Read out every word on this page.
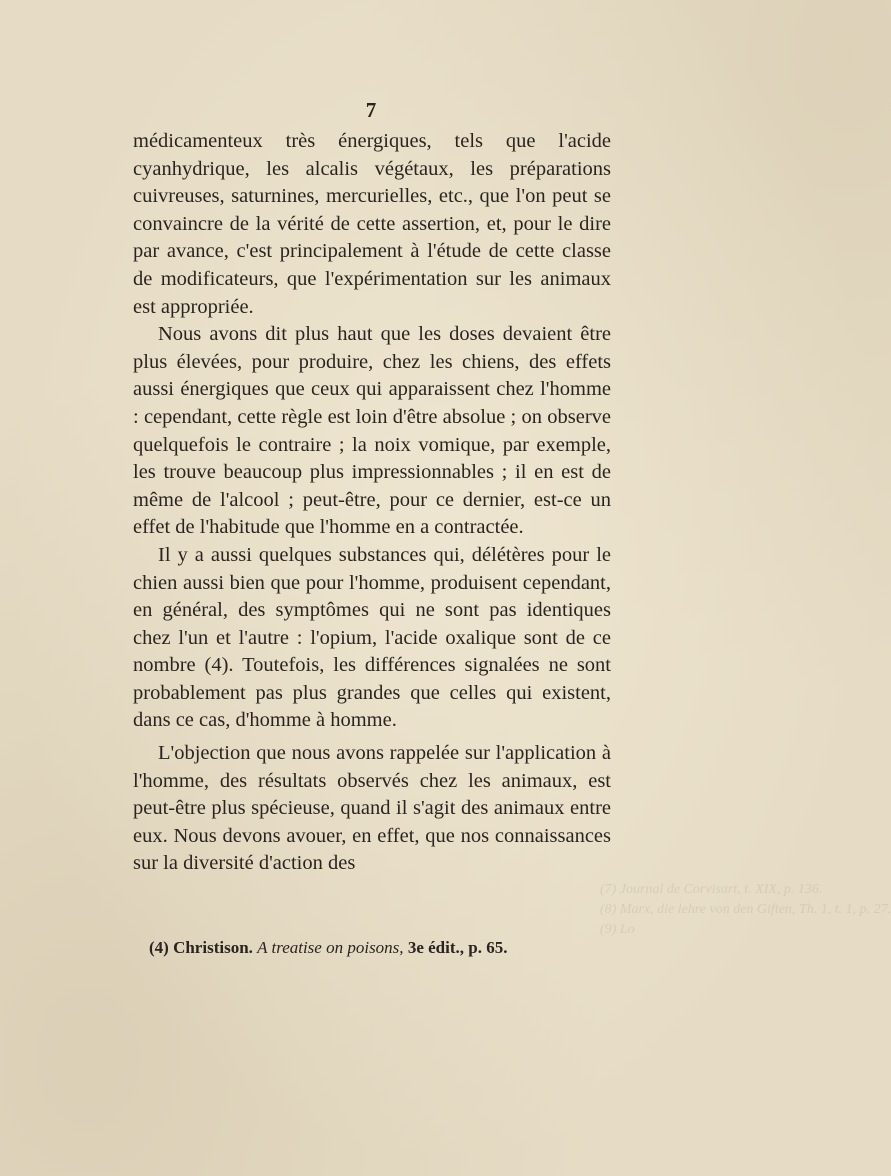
7

médicamenteux très énergiques, tels que l'acide cyanhydrique, les alcalis végétaux, les préparations cuivreuses, saturnines, mercurielles, etc., que l'on peut se convaincre de la vérité de cette assertion, et, pour le dire par avance, c'est principalement à l'étude de cette classe de modificateurs, que l'expérimentation sur les animaux est appropriée.

Nous avons dit plus haut que les doses devaient être plus élevées, pour produire, chez les chiens, des effets aussi énergiques que ceux qui apparaissent chez l'homme : cependant, cette règle est loin d'être absolue ; on observe quelquefois le contraire ; la noix vomique, par exemple, les trouve beaucoup plus impressionnables ; il en est de même de l'alcool ; peut-être, pour ce dernier, est-ce un effet de l'habitude que l'homme en a contractée.

Il y a aussi quelques substances qui, délétères pour le chien aussi bien que pour l'homme, produisent cependant, en général, des symptômes qui ne sont pas identiques chez l'un et l'autre : l'opium, l'acide oxalique sont de ce nombre (4). Toutefois, les différences signalées ne sont probablement pas plus grandes que celles qui existent, dans ce cas, d'homme à homme.

L'objection que nous avons rappelée sur l'application à l'homme, des résultats observés chez les animaux, est peut-être plus spécieuse, quand il s'agit des animaux entre eux. Nous devons avouer, en effet, que nos connaissances sur la diversité d'action des

(4) Christison. A treatise on poisons, 3e édit., p. 65.
(7) Journal de Corvisart, t. XIX, p. 136.
(8) Marx, die lehre von den Giften, Th. 1, t. 1, p. 27.
(9) Lo
